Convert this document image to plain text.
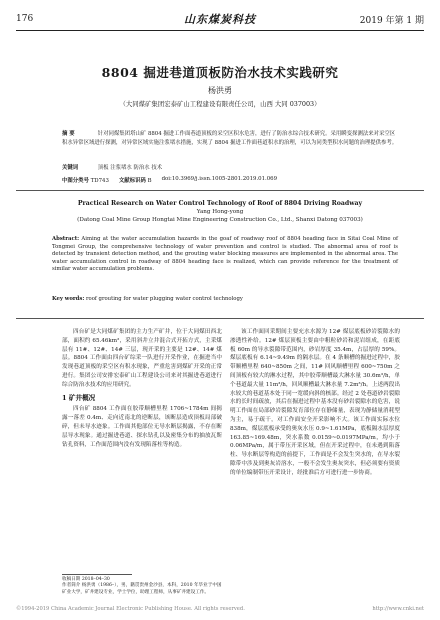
176	山东煤炭科技	2019 年第 1 期
8804 掘进巷道顶板防治水技术实践研究
杨洪勇
（大同煤矿集团宏泰矿山工程建设有限责任公司，山西 大同 037003）
摘 要	针对同煤集团塔山矿 8804 掘进工作面巷道顶板的采空区积水危害，进行了防治水综合技术研究。采用瞬变探测法来对采空区积水异常区域进行探测，对异常区域实施注浆堵水措施，实现了 8804 掘进工作面巷道积水的治理，可以为同类型积水问题的治理提供参考。
关键词	顶板 注浆堵水 防治水 技术
中图分类号 TD743 文献标识码 B doi:10.3969/j.issn.1005-2801.2019.01.069
Practical Research on Water Control Technology of Roof of 8804 Driving Roadway
Yang Hong-yong
(Datong Coal Mine Group Hongtai Mine Engineering Construction Co., Ltd., Shanxi Datong 037003)
Abstract: Aiming at the water accumulation hazards in the goaf of roadway roof of 8804 heading face in Sitai Coal Mine of Tongmei Group, the comprehensive technology of water prevention and control is studied. The abnormal area of roof is detected by transient detection method, and the grouting water blocking measures are implemented in the abnormal area. The water accumulation control in roadway of 8804 heading face is realized, which can provide reference for the treatment of similar water accumulation problems.
Key words: roof grouting for water plugging water control technology

四台矿是大同煤矿集团的主力生产矿井，位于大同煤田西北部，面积约 65.46km²，采用斜井立井混合式开拓方式，主采煤层有 11#、12#、14# 三层，现开采的主要是 12#、14# 煤层。8804 工作面由四台矿综采一队进行开采作业，在掘进当中发现巷道顶板的采空区有积水现象，严重危害到煤矿开采的正常进行。集团公司安排宏泰矿山工程建设公司来对其掘进巷道进行综合防治水技术的应用研究。

1 矿井概况

四台矿 8804 工作面在胶带顺槽里程 1706~1784m 间揭露一落差 0.4m、走向近南北的逆断层，该断层造成顶板局部破碎，但未导水迹象。工作面其他部位无导水断层揭露，不存在断层导水现象。通过掘进巷道、探水钻孔以及密集分布的抽放瓦斯钻孔资料，工作面范围内没有发现陷落柱等构造。

收稿日期 2018–04–30
作者简介 杨洪勇（1986–），男，籍贯贵州金沙县，本科，2010 年毕业于中国矿业大学，矿井建设专业，学士学位，助理工程师，从事矿井建设工作。

该工作面回采期间主要充水水源为 12# 煤层底板砂岩裂隙水的渗透性补给。12# 煤层顶板主要由中粗粒砂岩和泥岩组成，在距底板 60m 的导水裂隙带范围内，砂岩厚度 35.4m，占层厚的 59%。煤层底板有 6.14~9.49m 的隔水层。在 4 条顺槽的掘进过程中，胶带顺槽里程 640~850m 之间，11# 回风顺槽里程 600~750m 之间顶板有较大的淋水过程，其中胶带顺槽最大淋水量 30.6m³/h，单个巷道最大量 11m³/h，回风顺槽最大淋水量 7.2m³/h。上述两段出水较大的巷道基本处于同一宽缓向斜的核部。经过 2 处巷道砂岩裂隙水的长时间疏放，其后在掘进过程中基本没有砂岩裂隙水的危害，说明工作面在局部砂岩裂隙发育部位存在静储量，表现为静储量消耗型为主，易于疏干，对工作面安全开采影响不大。该工作面实际水位 838m，煤层底板承受的奥灰水压 0.9~1.61MPa，底板隔水层厚度 163.85~169.48m，突水系数 0.0159~0.0197MPa/m，均小于 0.06MPa/m，属于带压开采区域，但在开采过程中，在未遇到陷落柱、导水断层等构造的前提下，工作面是不会发生突水的，在导水裂隙带中涉及到奥灰岩溶水，一般不会发生奥灰突水，但必须要有资质的单位编制带压开采设计，经批准后方可进行进一步协商。

©1994-2019 China Academic Journal Electronic Publishing House. All rights reserved.	http://www.cnki.net
